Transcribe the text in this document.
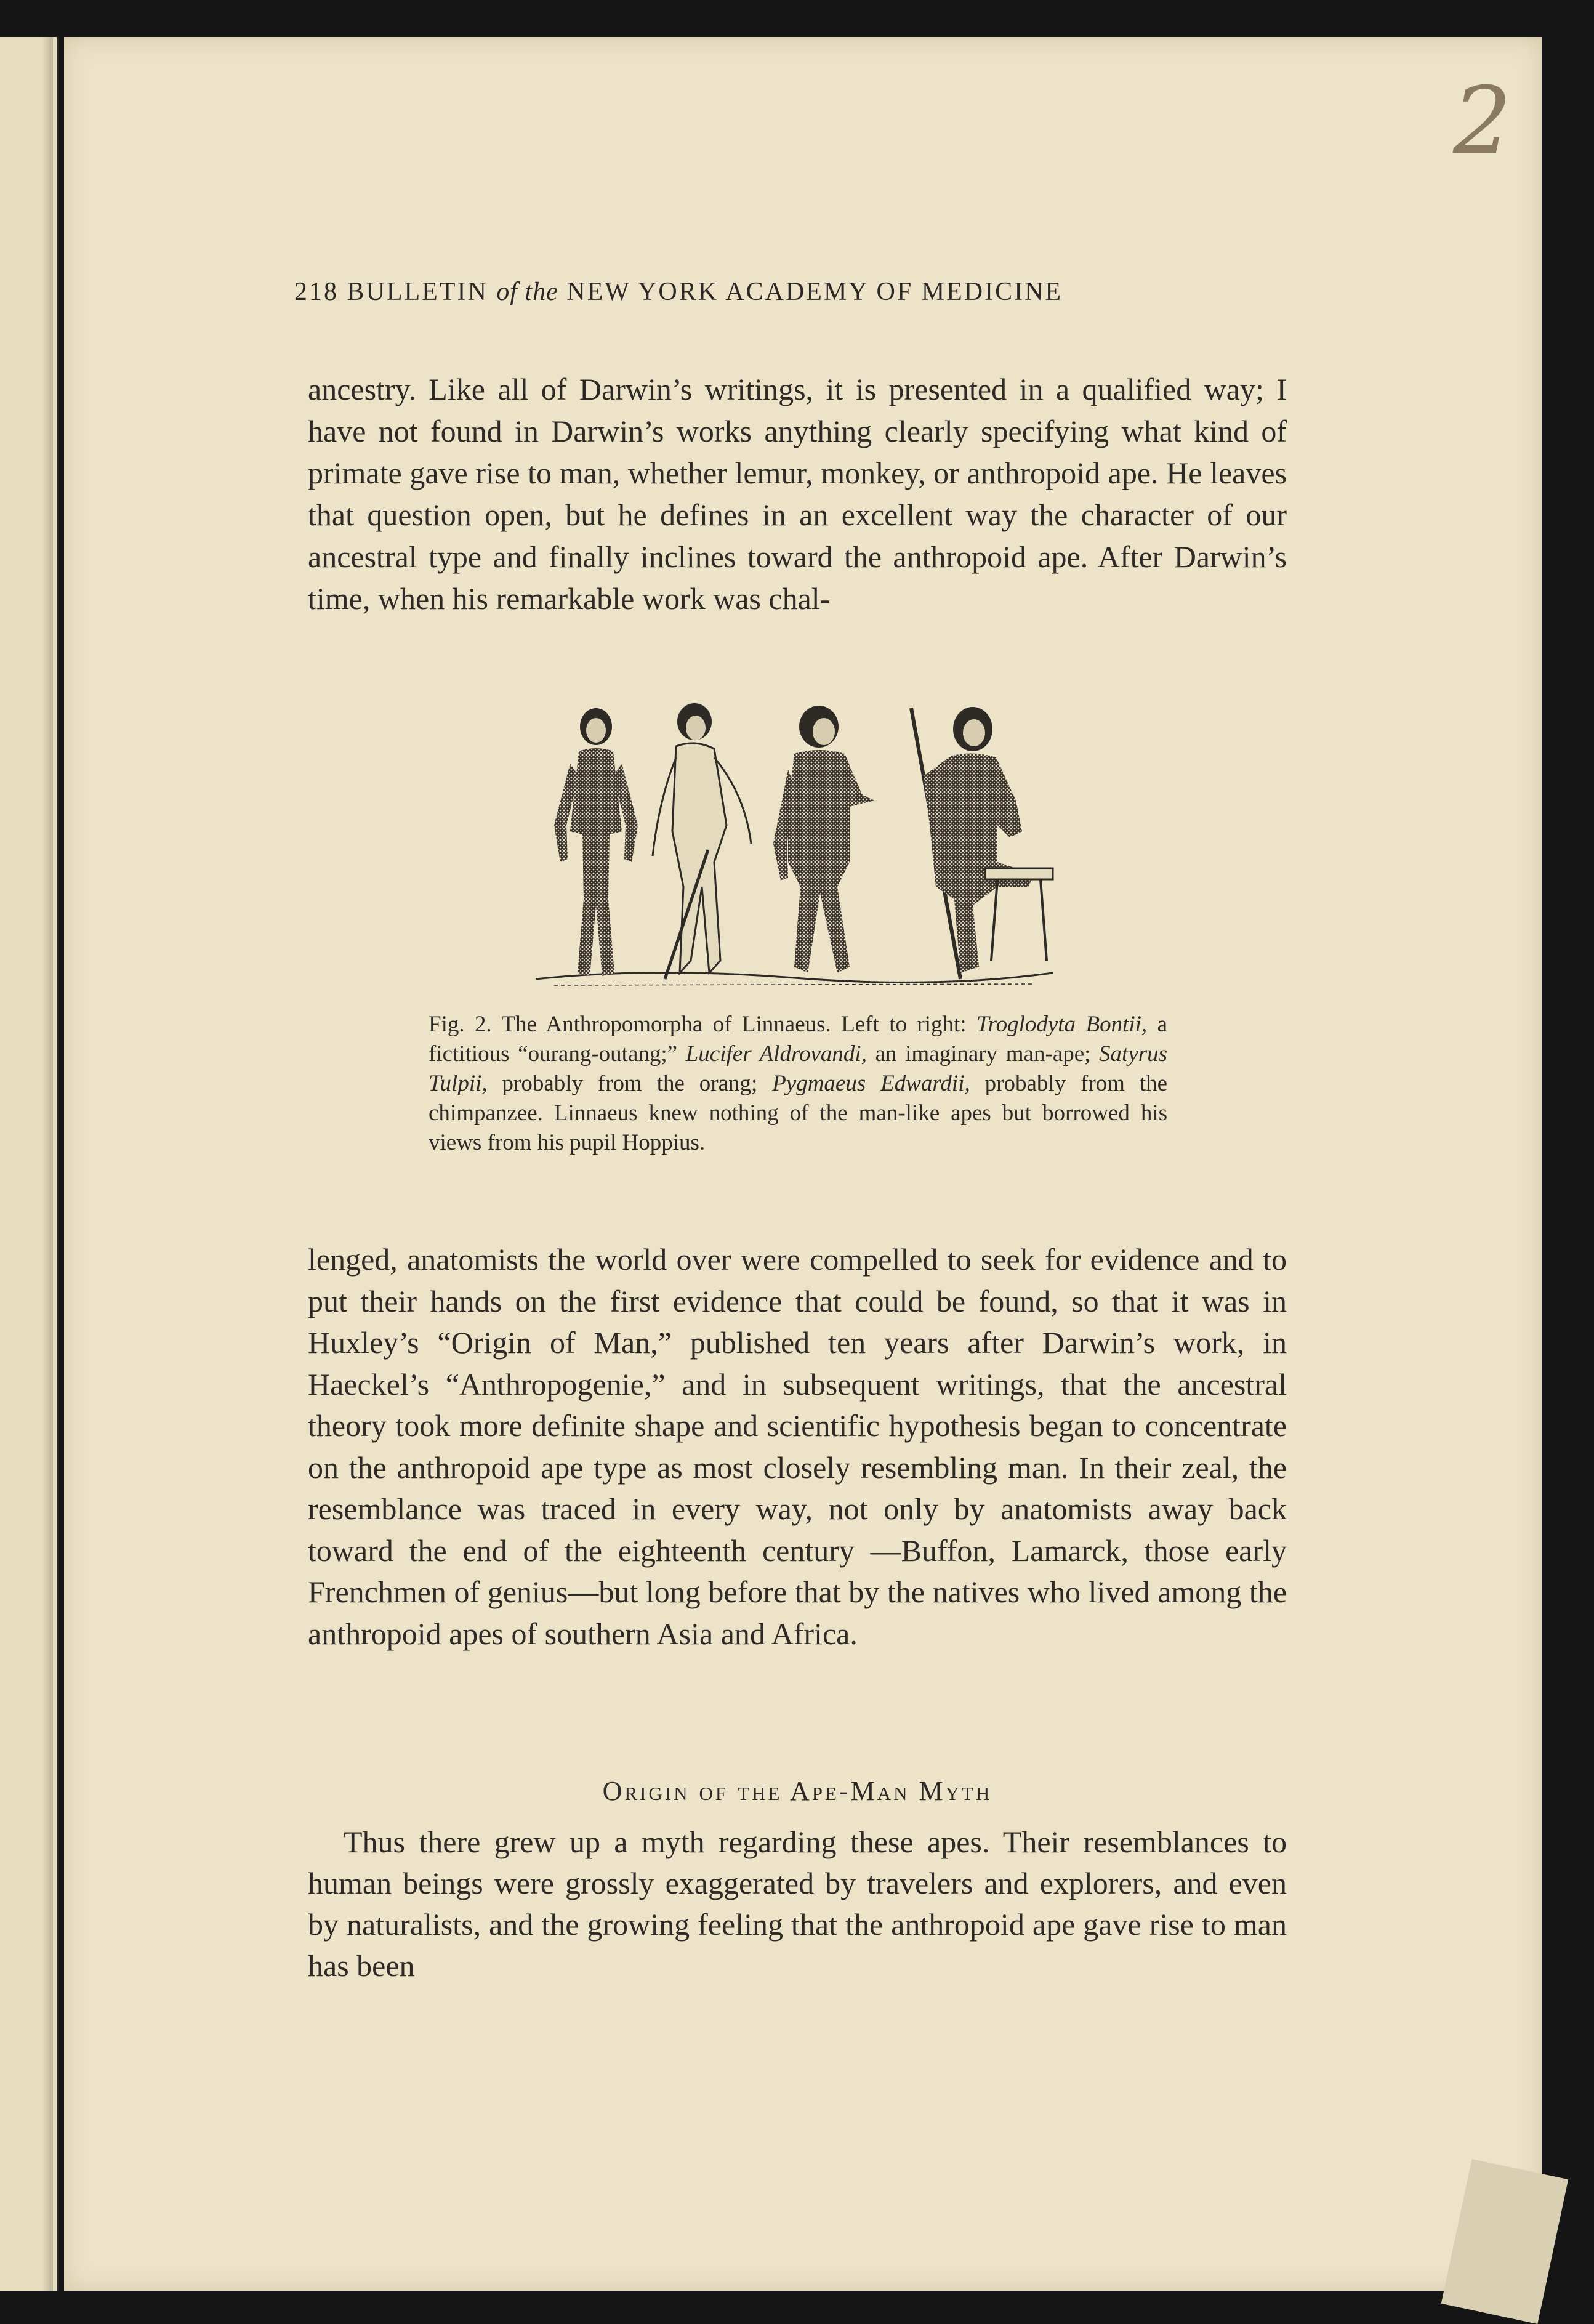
2
218 BULLETIN of the NEW YORK ACADEMY OF MEDICINE

ancestry. Like all of Darwin’s writings, it is presented in a qualified way; I have not found in Darwin’s works anything clearly specifying what kind of primate gave rise to man, whether lemur, monkey, or anthropoid ape. He leaves that question open, but he defines in an excellent way the character of our ancestral type and finally inclines toward the anthropoid ape. After Darwin’s time, when his remarkable work was chal-

Fig. 2. The Anthropomorpha of Linnaeus. Left to right: Troglodyta Bontii, a fictitious “ourang-outang;” Lucifer Aldrovandi, an imaginary man-ape; Satyrus Tulpii, probably from the orang; Pygmaeus Edwardii, probably from the chimpanzee. Linnaeus knew nothing of the man-like apes but borrowed his views from his pupil Hoppius.

lenged, anatomists the world over were compelled to seek for evidence and to put their hands on the first evidence that could be found, so that it was in Huxley’s “Origin of Man,” published ten years after Darwin’s work, in Haeckel’s “Anthropogenie,” and in subsequent writings, that the ancestral theory took more definite shape and scientific hypothesis began to concentrate on the anthropoid ape type as most closely resembling man. In their zeal, the resemblance was traced in every way, not only by anatomists away back toward the end of the eighteenth century —Buffon, Lamarck, those early Frenchmen of genius—but long before that by the natives who lived among the anthropoid apes of southern Asia and Africa.

Origin of the Ape-Man Myth

Thus there grew up a myth regarding these apes. Their resemblances to human beings were grossly exaggerated by travelers and explorers, and even by naturalists, and the growing feeling that the anthropoid ape gave rise to man has been
